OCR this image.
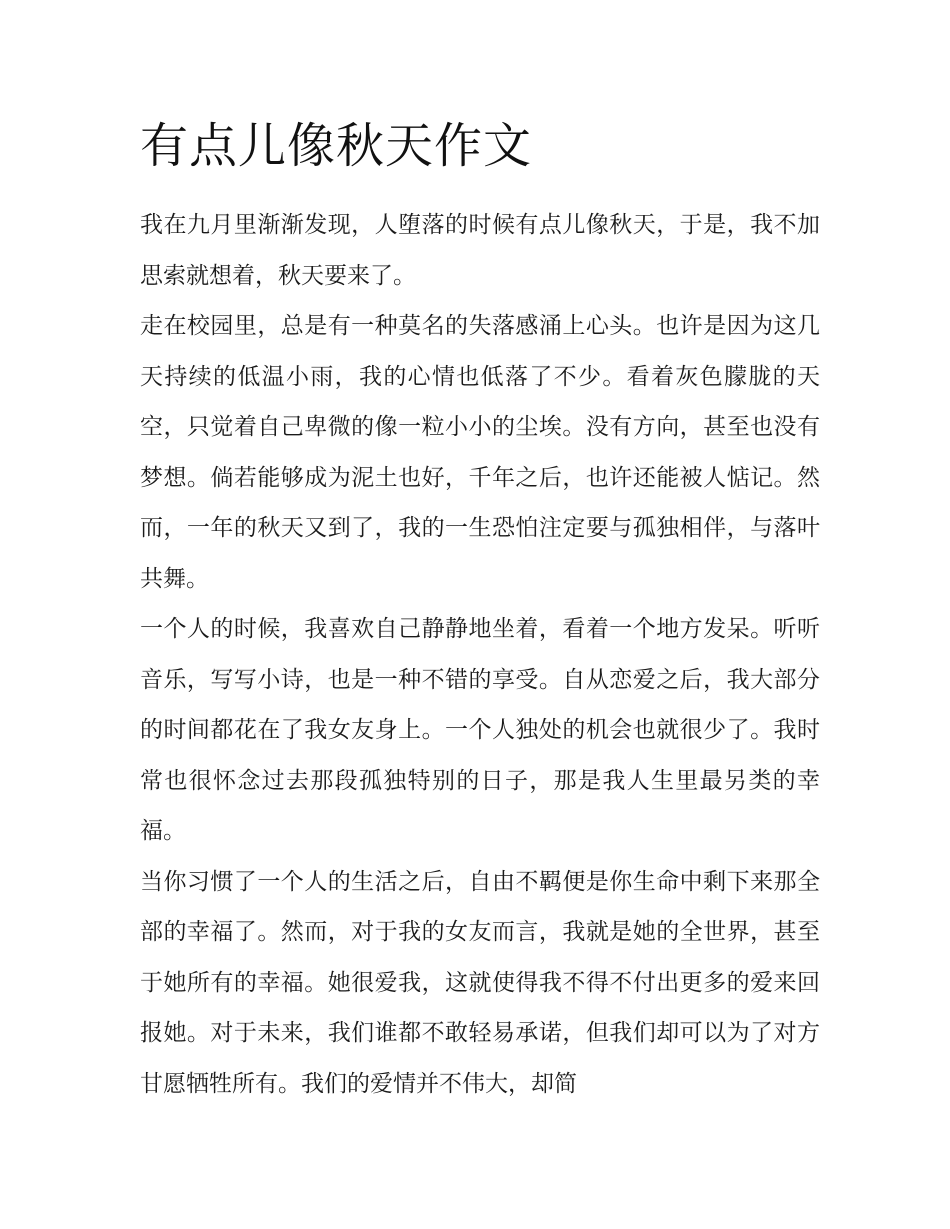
有点儿像秋天作文

我在九月里渐渐发现，人堕落的时候有点儿像秋天，于是，我不加思索就想着，秋天要来了。

走在校园里，总是有一种莫名的失落感涌上心头。也许是因为这几天持续的低温小雨，我的心情也低落了不少。看着灰色朦胧的天空，只觉着自己卑微的像一粒小小的尘埃。没有方向，甚至也没有梦想。倘若能够成为泥土也好，千年之后，也许还能被人惦记。然而，一年的秋天又到了，我的一生恐怕注定要与孤独相伴，与落叶共舞。

一个人的时候，我喜欢自己静静地坐着，看着一个地方发呆。听听音乐，写写小诗，也是一种不错的享受。自从恋爱之后，我大部分的时间都花在了我女友身上。一个人独处的机会也就很少了。我时常也很怀念过去那段孤独特别的日子，那是我人生里最另类的幸福。

当你习惯了一个人的生活之后，自由不羁便是你生命中剩下来那全部的幸福了。然而，对于我的女友而言，我就是她的全世界，甚至于她所有的幸福。她很爱我，这就使得我不得不付出更多的爱来回报她。对于未来，我们谁都不敢轻易承诺，但我们却可以为了对方甘愿牺牲所有。我们的爱情并不伟大，却简
